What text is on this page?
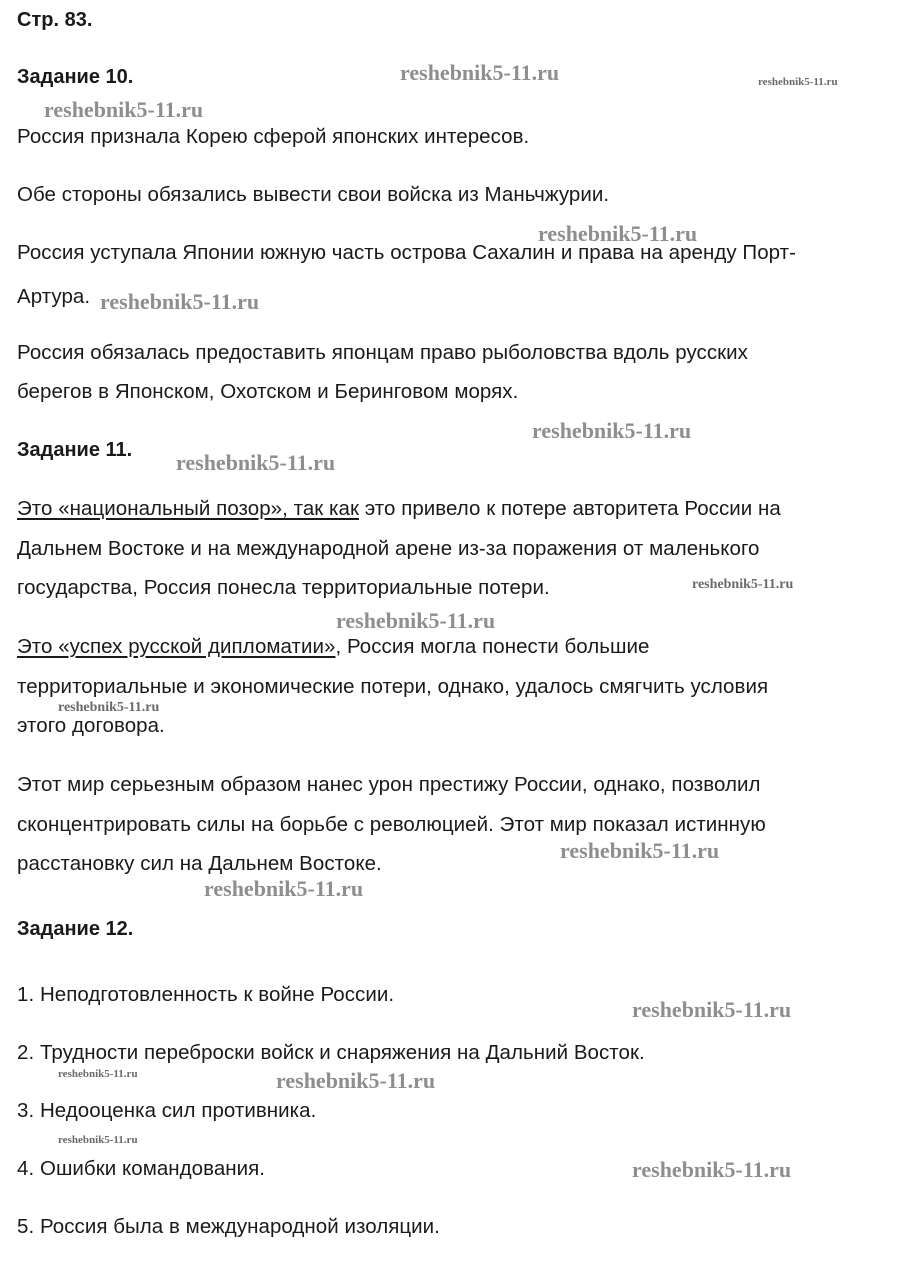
Стр. 83.
Задание 10.
Россия признала Корею сферой японских интересов.
Обе стороны обязались вывести свои войска из Маньчжурии.
Россия уступала Японии южную часть острова Сахалин и права на аренду Порт-
Артура.
Россия обязалась предоставить японцам право рыболовства вдоль русских
берегов в Японском, Охотском и Беринговом морях.
Задание 11.
Это «национальный позор», так как это привело к потере авторитета России на
Дальнем Востоке и на международной арене из-за поражения от маленького
государства, Россия понесла территориальные потери.
Это «успех русской дипломатии», Россия могла понести большие
территориальные и экономические потери, однако, удалось смягчить условия
этого договора.
Этот мир серьезным образом нанес урон престижу России, однако, позволил
сконцентрировать силы на борьбе с революцией. Этот мир показал истинную
расстановку сил на Дальнем Востоке.
Задание 12.
1. Неподготовленность к войне России.
2. Трудности переброски войск и снаряжения на Дальний Восток.
3. Недооценка сил противника.
4. Ошибки командования.
5. Россия была в международной изоляции.
reshebnik5-11.ru	reshebnik5-11.ru
reshebnik5-11.ru
reshebnik5-11.ru
reshebnik5-11.ru
reshebnik5-11.ru
reshebnik5-11.ru
reshebnik5-11.ru
reshebnik5-11.ru
reshebnik5-11.ru
reshebnik5-11.ru
reshebnik5-11.ru
reshebnik5-11.ru
reshebnik5-11.ru	reshebnik5-11.ru
reshebnik5-11.ru
reshebnik5-11.ru
